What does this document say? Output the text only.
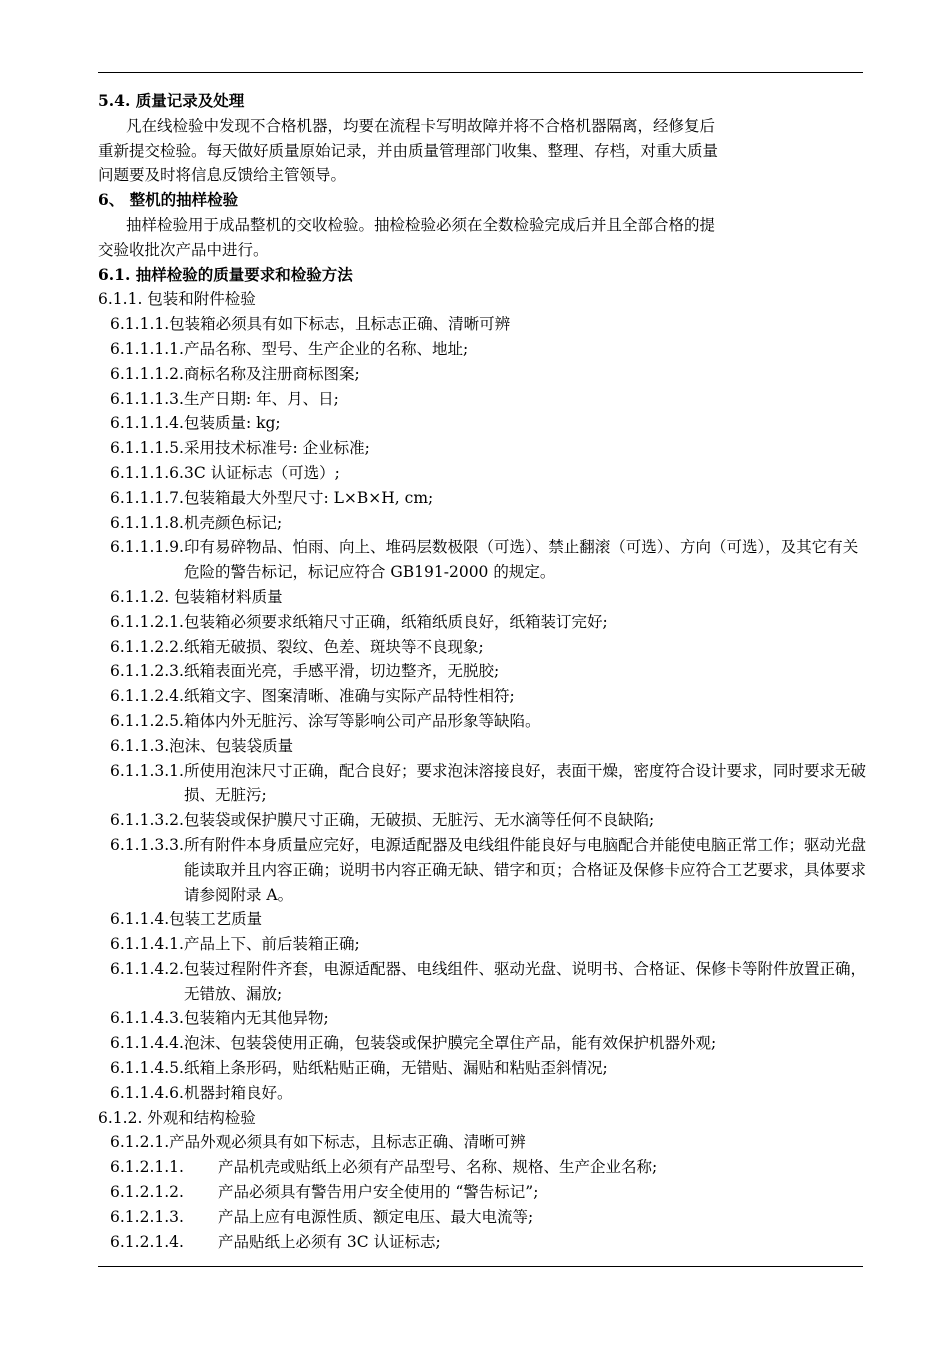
5.4. 质量记录及处理
凡在线检验中发现不合格机器，均要在流程卡写明故障并将不合格机器隔离，经修复后
重新提交检验。每天做好质量原始记录，并由质量管理部门收集、整理、存档，对重大质量
问题要及时将信息反馈给主管领导。
6、 整机的抽样检验
抽样检验用于成品整机的交收检验。抽检检验必须在全数检验完成后并且全部合格的提
交验收批次产品中进行。
6.1. 抽样检验的质量要求和检验方法
6.1.1. 包装和附件检验
6.1.1.1.包装箱必须具有如下标志，且标志正确、清晰可辨
6.1.1.1.1.产品名称、型号、生产企业的名称、地址;
6.1.1.1.2.商标名称及注册商标图案;
6.1.1.1.3.生产日期: 年、月、日;
6.1.1.1.4.包装质量: kg;
6.1.1.1.5.采用技术标准号: 企业标准;
6.1.1.1.6.3C 认证标志（可选）;
6.1.1.1.7.包装箱最大外型尺寸: L×B×H, cm;
6.1.1.1.8.机壳颜色标记;
6.1.1.1.9. 印有易碎物品、怕雨、向上、堆码层数极限（可选）、禁止翻滚（可选）、方向（可选），及其它有关危险的警告标记，标记应符合 GB191-2000 的规定。
6.1.1.2. 包装箱材料质量
6.1.1.2.1.包装箱必须要求纸箱尺寸正确，纸箱纸质良好，纸箱装订完好;
6.1.1.2.2.纸箱无破损、裂纹、色差、斑块等不良现象;
6.1.1.2.3.纸箱表面光亮，手感平滑，切边整齐，无脱胶;
6.1.1.2.4.纸箱文字、图案清晰、准确与实际产品特性相符;
6.1.1.2.5.箱体内外无脏污、涂写等影响公司产品形象等缺陷。
6.1.1.3.泡沫、包装袋质量
6.1.1.3.1. 所使用泡沫尺寸正确，配合良好；要求泡沫溶接良好，表面干燥，密度符合设计要求，同时要求无破损、无脏污;
6.1.1.3.2.包装袋或保护膜尺寸正确，无破损、无脏污、无水滴等任何不良缺陷;
6.1.1.3.3. 所有附件本身质量应完好，电源适配器及电线组件能良好与电脑配合并能使电脑正常工作；驱动光盘能读取并且内容正确；说明书内容正确无缺、错字和页；合格证及保修卡应符合工艺要求，具体要求请参阅附录 A。
6.1.1.4.包装工艺质量
6.1.1.4.1.产品上下、前后装箱正确;
6.1.1.4.2. 包装过程附件齐套，电源适配器、电线组件、驱动光盘、说明书、合格证、保修卡等附件放置正确，无错放、漏放;
6.1.1.4.3.包装箱内无其他异物;
6.1.1.4.4.泡沫、包装袋使用正确，包装袋或保护膜完全罩住产品，能有效保护机器外观;
6.1.1.4.5.纸箱上条形码，贴纸粘贴正确，无错贴、漏贴和粘贴歪斜情况;
6.1.1.4.6.机器封箱良好。
6.1.2. 外观和结构检验
6.1.2.1.产品外观必须具有如下标志，且标志正确、清晰可辨
6.1.2.1.1. 产品机壳或贴纸上必须有产品型号、名称、规格、生产企业名称;
6.1.2.1.2. 产品必须具有警告用户安全使用的 “警告标记”;
6.1.2.1.3. 产品上应有电源性质、额定电压、最大电流等;
6.1.2.1.4. 产品贴纸上必须有 3C 认证标志;
